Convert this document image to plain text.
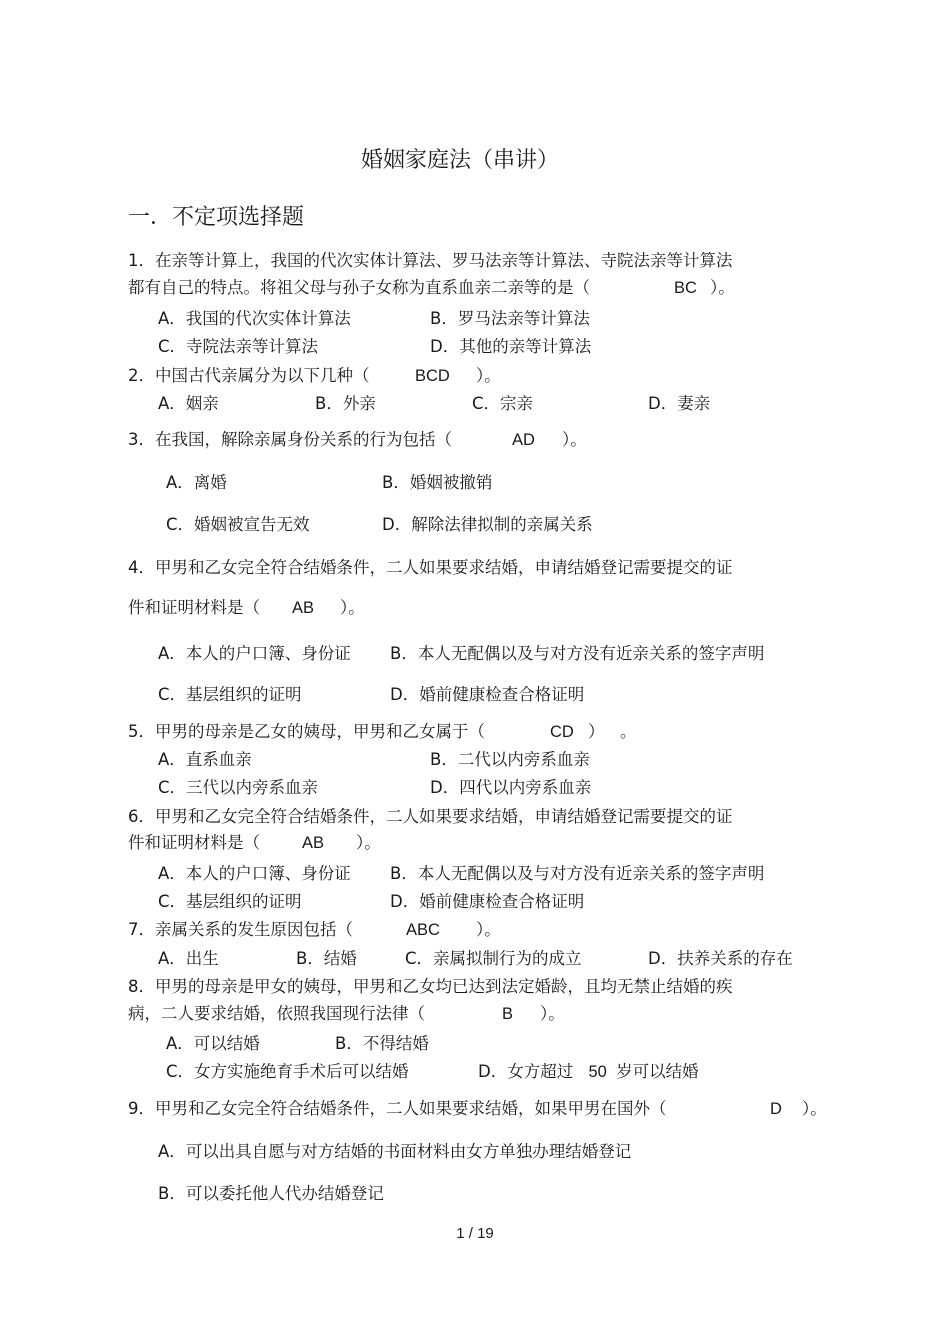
婚姻家庭法（串讲）
一．不定项选择题
1．在亲等计算上，我国的代次实体计算法、罗马法亲等计算法、寺院法亲等计算法
都有自己的特点。将祖父母与孙子女称为直系血亲二亲等的是（	BC ）。
A．我国的代次实体计算法	B．罗马法亲等计算法
C．寺院法亲等计算法	D．其他的亲等计算法
2．中国古代亲属分为以下几种（	BCD ）。
A．姻亲	B．外亲	C．宗亲	D．妻亲
3．在我国，解除亲属身份关系的行为包括（	AD ）。
A．离婚	B．婚姻被撤销
C．婚姻被宣告无效	D．解除法律拟制的亲属关系
4．甲男和乙女完全符合结婚条件，二人如果要求结婚，申请结婚登记需要提交的证
件和证明材料是（ AB ）。
A．本人的户口簿、身份证 B．本人无配偶以及与对方没有近亲关系的签字声明
C．基层组织的证明	D．婚前健康检查合格证明
5．甲男的母亲是乙女的姨母，甲男和乙女属于（	CD ） 。
A．直系血亲	B．二代以内旁系血亲
C．三代以内旁系血亲	D．四代以内旁系血亲
6．甲男和乙女完全符合结婚条件，二人如果要求结婚，申请结婚登记需要提交的证
件和证明材料是（	AB ）。
A．本人的户口簿、身份证 B．本人无配偶以及与对方没有近亲关系的签字声明
C．基层组织的证明	D．婚前健康检查合格证明
7．亲属关系的发生原因包括（	ABC ）。
A．出生	B．结婚	C．亲属拟制行为的成立	D．扶养关系的存在
8．甲男的母亲是甲女的姨母，甲男和乙女均已达到法定婚龄，且均无禁止结婚的疾
病，二人要求结婚，依照我国现行法律（	B ）。
A．可以结婚	B．不得结婚
C．女方实施绝育手术后可以结婚	D．女方超过 50 岁可以结婚
9．甲男和乙女完全符合结婚条件，二人如果要求结婚，如果甲男在国外（	D ）。
A．可以出具自愿与对方结婚的书面材料由女方单独办理结婚登记
B．可以委托他人代办结婚登记
1 / 19
